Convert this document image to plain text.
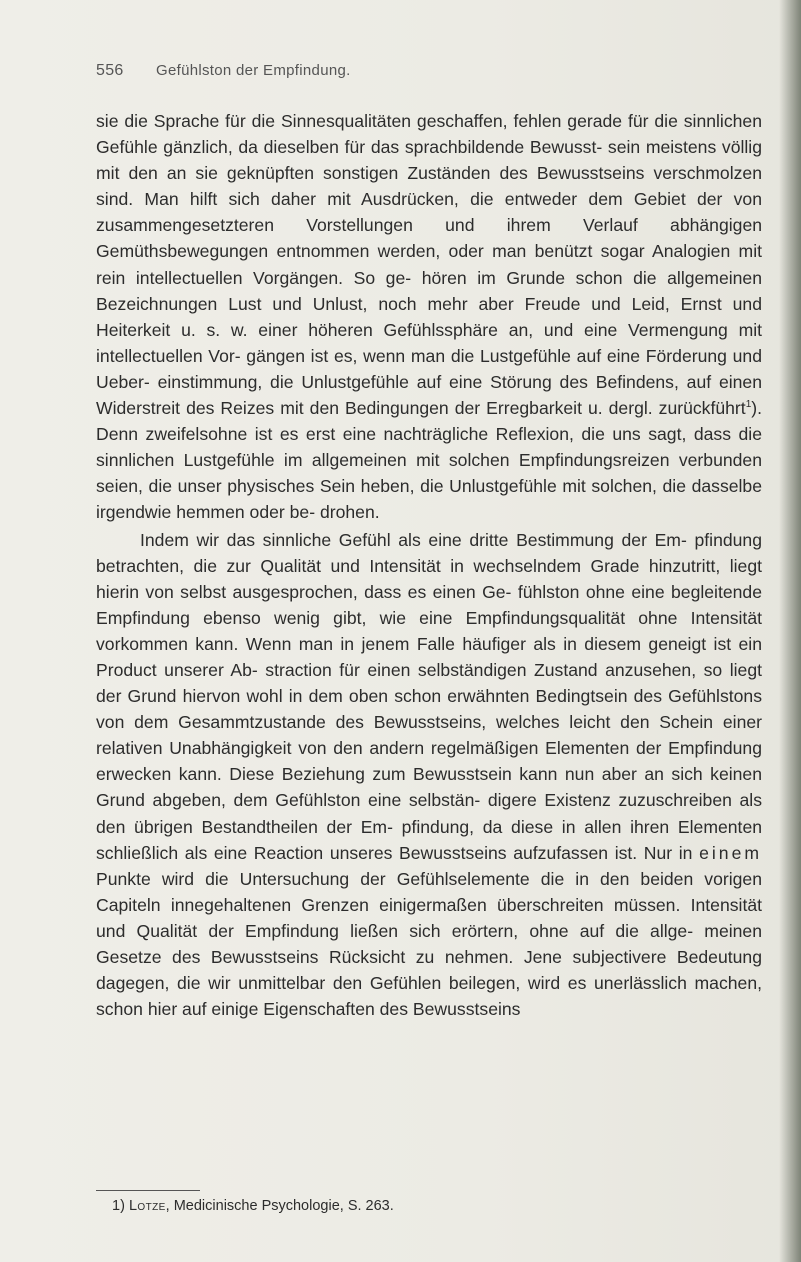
556 Gefühlston der Empfindung.

sie die Sprache für die Sinnesqualitäten geschaffen, fehlen gerade für die sinnlichen Gefühle gänzlich, da dieselben für das sprachbildende Bewusst- sein meistens völlig mit den an sie geknüpften sonstigen Zuständen des Bewusstseins verschmolzen sind. Man hilft sich daher mit Ausdrücken, die entweder dem Gebiet der von zusammengesetzteren Vorstellungen und ihrem Verlauf abhängigen Gemüthsbewegungen entnommen werden, oder man benützt sogar Analogien mit rein intellectuellen Vorgängen. So ge- hören im Grunde schon die allgemeinen Bezeichnungen Lust und Unlust, noch mehr aber Freude und Leid, Ernst und Heiterkeit u. s. w. einer höheren Gefühlssphäre an, und eine Vermengung mit intellectuellen Vor- gängen ist es, wenn man die Lustgefühle auf eine Förderung und Ueber- einstimmung, die Unlustgefühle auf eine Störung des Befindens, auf einen Widerstreit des Reizes mit den Bedingungen der Erregbarkeit u. dergl. zurückführt$^1$). Denn zweifelsohne ist es erst eine nachträgliche Reflexion, die uns sagt, dass die sinnlichen Lustgefühle im allgemeinen mit solchen Empfindungsreizen verbunden seien, die unser physisches Sein heben, die Unlustgefühle mit solchen, die dasselbe irgendwie hemmen oder be- drohen.

Indem wir das sinnliche Gefühl als eine dritte Bestimmung der Em- pfindung betrachten, die zur Qualität und Intensität in wechselndem Grade hinzutritt, liegt hierin von selbst ausgesprochen, dass es einen Ge- fühlston ohne eine begleitende Empfindung ebenso wenig gibt, wie eine Empfindungsqualität ohne Intensität vorkommen kann. Wenn man in jenem Falle häufiger als in diesem geneigt ist ein Product unserer Ab- straction für einen selbständigen Zustand anzusehen, so liegt der Grund hiervon wohl in dem oben schon erwähnten Bedingtsein des Gefühlstons von dem Gesammtzustande des Bewusstseins, welches leicht den Schein einer relativen Unabhängigkeit von den andern regelmäßigen Elementen der Empfindung erwecken kann. Diese Beziehung zum Bewusstsein kann nun aber an sich keinen Grund abgeben, dem Gefühlston eine selbstän- digere Existenz zuzuschreiben als den übrigen Bestandtheilen der Em- pfindung, da diese in allen ihren Elementen schließlich als eine Reaction unseres Bewusstseins aufzufassen ist. Nur in einem Punkte wird die Untersuchung der Gefühlselemente die in den beiden vorigen Capiteln innegehaltenen Grenzen einigermaßen überschreiten müssen. Intensität und Qualität der Empfindung ließen sich erörtern, ohne auf die allge- meinen Gesetze des Bewusstseins Rücksicht zu nehmen. Jene subjectivere Bedeutung dagegen, die wir unmittelbar den Gefühlen beilegen, wird es unerlässlich machen, schon hier auf einige Eigenschaften des Bewusstseins

1) Lotze, Medicinische Psychologie, S. 263.
